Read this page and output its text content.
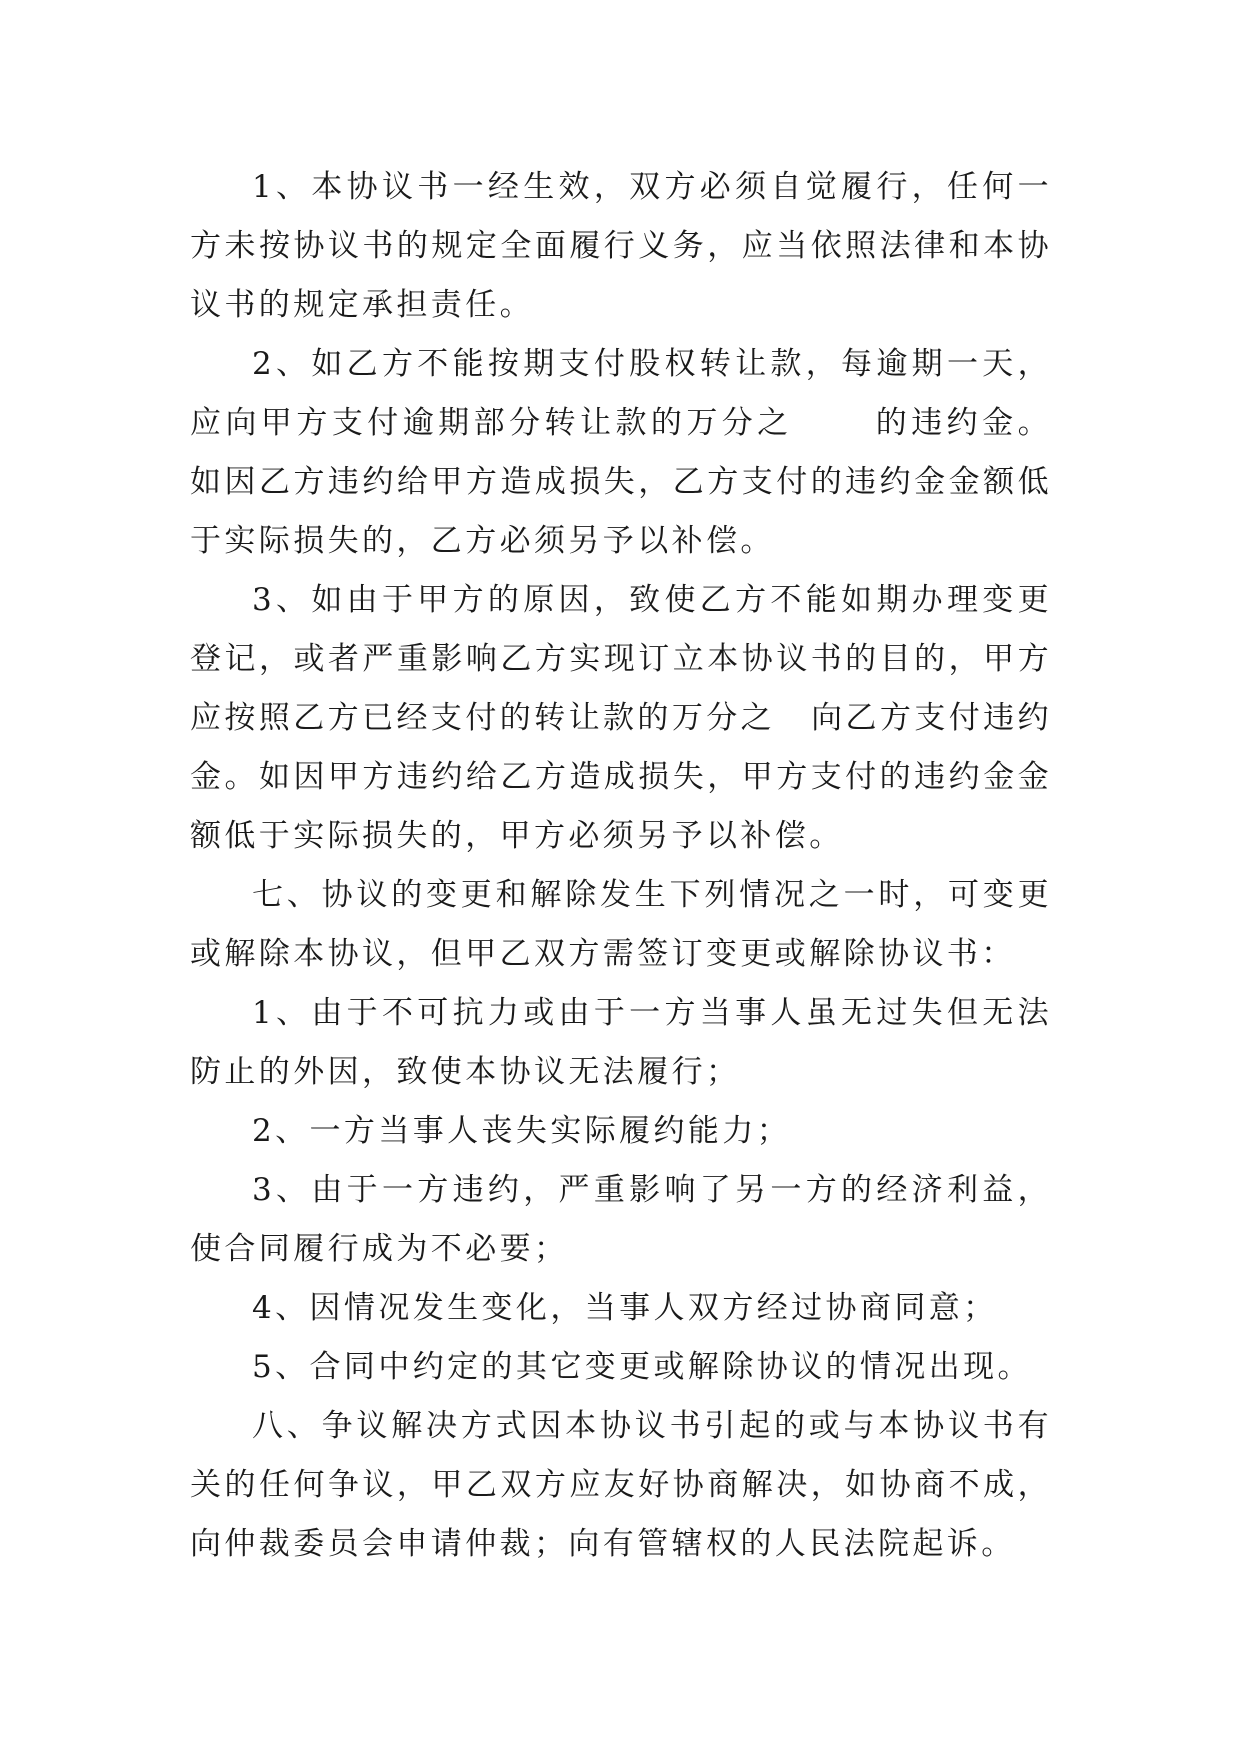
1、本协议书一经生效，双方必须自觉履行，任何一方未按协议书的规定全面履行义务，应当依照法律和本协议书的规定承担责任。

2、如乙方不能按期支付股权转让款，每逾期一天，应向甲方支付逾期部分转让款的万分之	的违约金。如因乙方违约给甲方造成损失，乙方支付的违约金金额低于实际损失的，乙方必须另予以补偿。

3、如由于甲方的原因，致使乙方不能如期办理变更登记，或者严重影响乙方实现订立本协议书的目的，甲方应按照乙方已经支付的转让款的万分之 向乙方支付违约金。如因甲方违约给乙方造成损失，甲方支付的违约金金额低于实际损失的，甲方必须另予以补偿。

七、协议的变更和解除发生下列情况之一时，可变更或解除本协议，但甲乙双方需签订变更或解除协议书：

1、由于不可抗力或由于一方当事人虽无过失但无法防止的外因，致使本协议无法履行；

2、一方当事人丧失实际履约能力；

3、由于一方违约，严重影响了另一方的经济利益，使合同履行成为不必要；

4、因情况发生变化，当事人双方经过协商同意；

5、合同中约定的其它变更或解除协议的情况出现。

八、争议解决方式因本协议书引起的或与本协议书有关的任何争议，甲乙双方应友好协商解决，如协商不成，向仲裁委员会申请仲裁；向有管辖权的人民法院起诉。
